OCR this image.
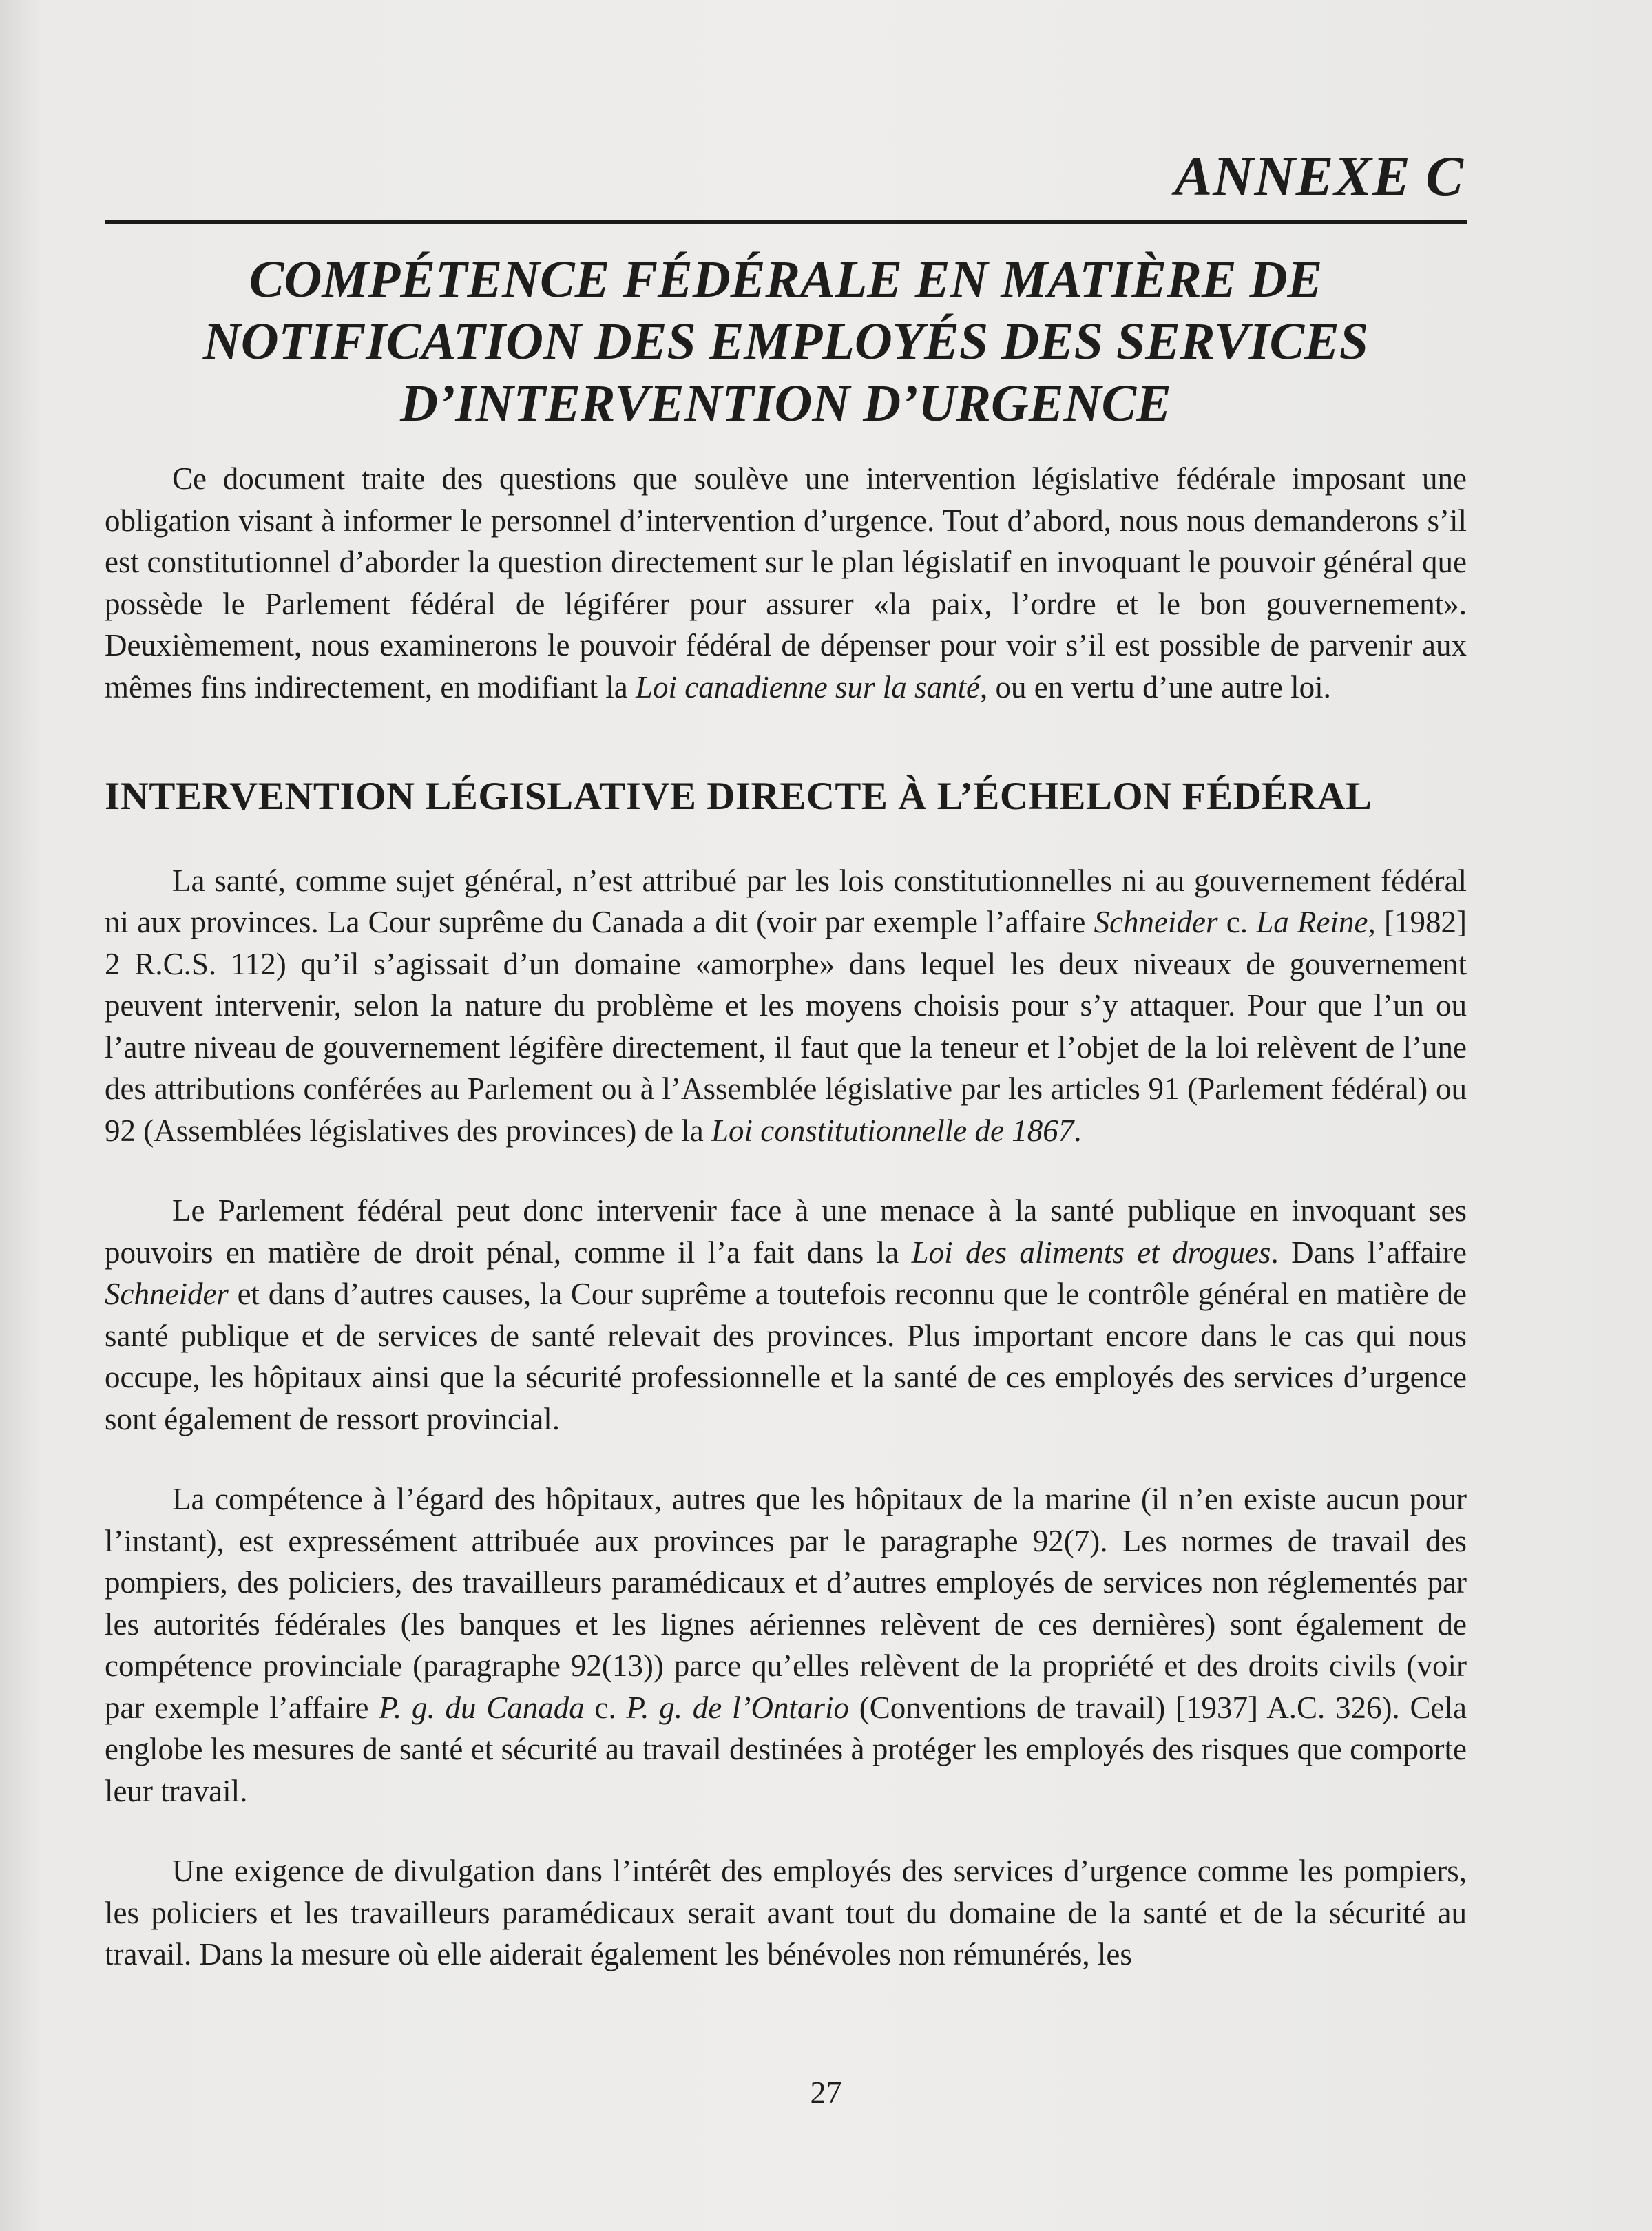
ANNEXE C
COMPÉTENCE FÉDÉRALE EN MATIÈRE DE
NOTIFICATION DES EMPLOYÉS DES SERVICES
D’INTERVENTION D’URGENCE

Ce document traite des questions que soulève une intervention législative fédérale imposant une obligation visant à informer le personnel d’intervention d’urgence. Tout d’abord, nous nous demanderons s’il est constitutionnel d’aborder la question directement sur le plan législatif en invoquant le pouvoir général que possède le Parlement fédéral de légiférer pour assurer «la paix, l’ordre et le bon gouvernement». Deuxièmement, nous examinerons le pouvoir fédéral de dépenser pour voir s’il est possible de parvenir aux mêmes fins indirectement, en modifiant la Loi canadienne sur la santé, ou en vertu d’une autre loi.

INTERVENTION LÉGISLATIVE DIRECTE À L’ÉCHELON FÉDÉRAL

La santé, comme sujet général, n’est attribué par les lois constitutionnelles ni au gouvernement fédéral ni aux provinces. La Cour suprême du Canada a dit (voir par exemple l’affaire Schneider c. La Reine, [1982] 2 R.C.S. 112) qu’il s’agissait d’un domaine «amorphe» dans lequel les deux niveaux de gouvernement peuvent intervenir, selon la nature du problème et les moyens choisis pour s’y attaquer. Pour que l’un ou l’autre niveau de gouvernement légifère directement, il faut que la teneur et l’objet de la loi relèvent de l’une des attributions conférées au Parlement ou à l’Assemblée législative par les articles 91 (Parlement fédéral) ou 92 (Assemblées législatives des provinces) de la Loi constitutionnelle de 1867.

Le Parlement fédéral peut donc intervenir face à une menace à la santé publique en invoquant ses pouvoirs en matière de droit pénal, comme il l’a fait dans la Loi des aliments et drogues. Dans l’affaire Schneider et dans d’autres causes, la Cour suprême a toutefois reconnu que le contrôle général en matière de santé publique et de services de santé relevait des provinces. Plus important encore dans le cas qui nous occupe, les hôpitaux ainsi que la sécurité professionnelle et la santé de ces employés des services d’urgence sont également de ressort provincial.

La compétence à l’égard des hôpitaux, autres que les hôpitaux de la marine (il n’en existe aucun pour l’instant), est expressément attribuée aux provinces par le paragraphe 92(7). Les normes de travail des pompiers, des policiers, des travailleurs paramédicaux et d’autres employés de services non réglementés par les autorités fédérales (les banques et les lignes aériennes relèvent de ces dernières) sont également de compétence provinciale (paragraphe 92(13)) parce qu’elles relèvent de la propriété et des droits civils (voir par exemple l’affaire P. g. du Canada c. P. g. de l’Ontario (Conventions de travail) [1937] A.C. 326). Cela englobe les mesures de santé et sécurité au travail destinées à protéger les employés des risques que comporte leur travail.

Une exigence de divulgation dans l’intérêt des employés des services d’urgence comme les pompiers, les policiers et les travailleurs paramédicaux serait avant tout du domaine de la santé et de la sécurité au travail. Dans la mesure où elle aiderait également les bénévoles non rémunérés, les

27
